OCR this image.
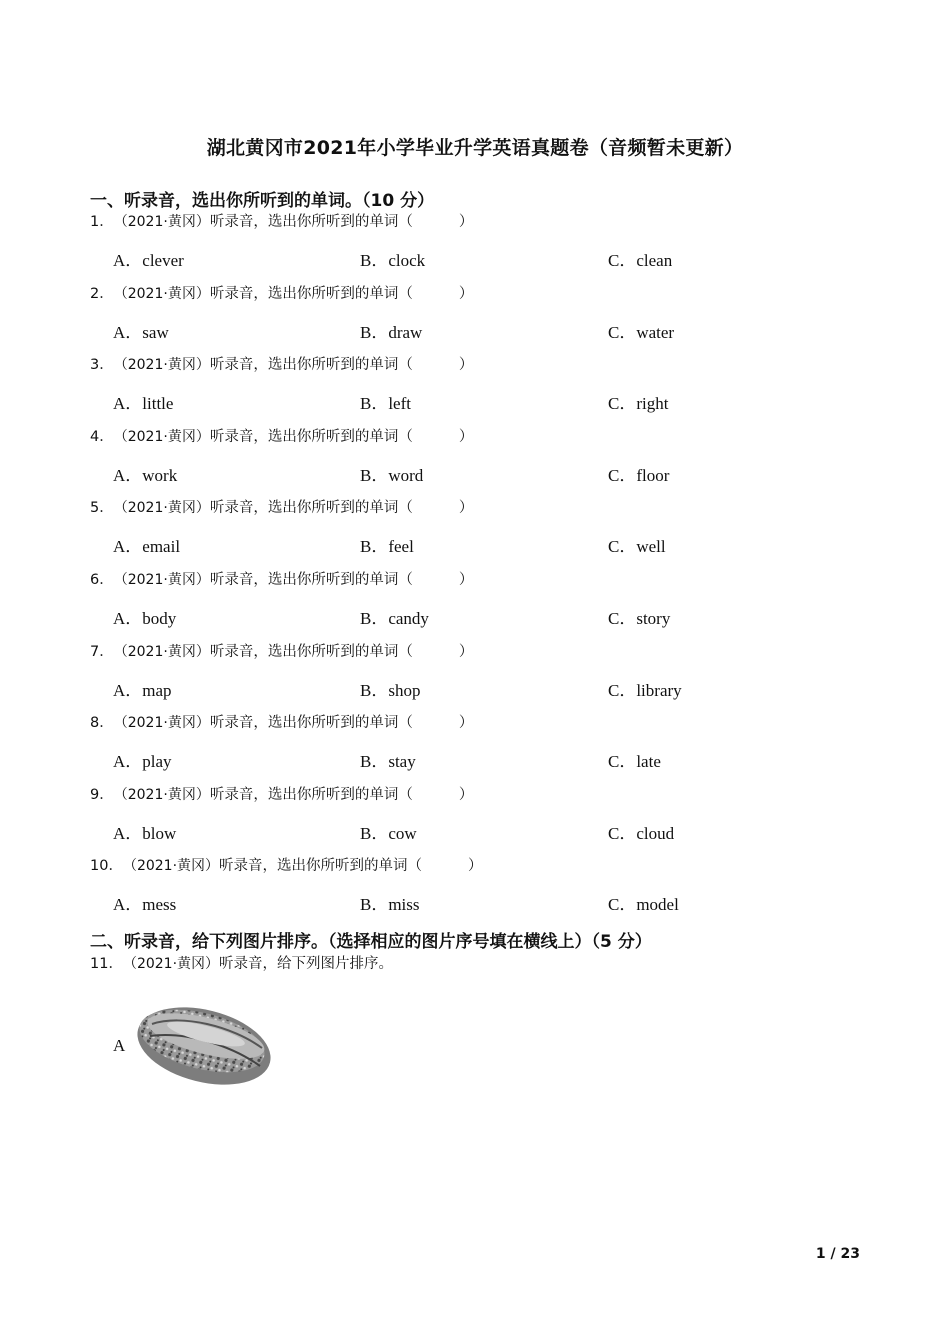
湖北黄冈市2021年小学毕业升学英语真题卷（音频暂未更新）
一、听录音，选出你所听到的单词。（10 分）
1．（2021·黄冈）听录音，选出你所听到的单词（	）
A．clever	B．clock	C．clean
2．（2021·黄冈）听录音，选出你所听到的单词（	）
A．saw	B．draw	C．water
3．（2021·黄冈）听录音，选出你所听到的单词（	）
A．little	B．left	C．right
4．（2021·黄冈）听录音，选出你所听到的单词（	）
A．work	B．word	C．floor
5．（2021·黄冈）听录音，选出你所听到的单词（	）
A．email	B．feel	C．well
6．（2021·黄冈）听录音，选出你所听到的单词（	）
A．body	B．candy	C．story
7．（2021·黄冈）听录音，选出你所听到的单词（	）
A．map	B．shop	C．library
8．（2021·黄冈）听录音，选出你所听到的单词（	）
A．play	B．stay	C．late
9．（2021·黄冈）听录音，选出你所听到的单词（	）
A．blow	B．cow	C．cloud
10．（2021·黄冈）听录音，选出你所听到的单词（	）
A．mess	B．miss	C．model
二、听录音，给下列图片排序。（选择相应的图片序号填在横线上）（5 分）
11．（2021·黄冈）听录音，给下列图片排序。
A
1 / 23
